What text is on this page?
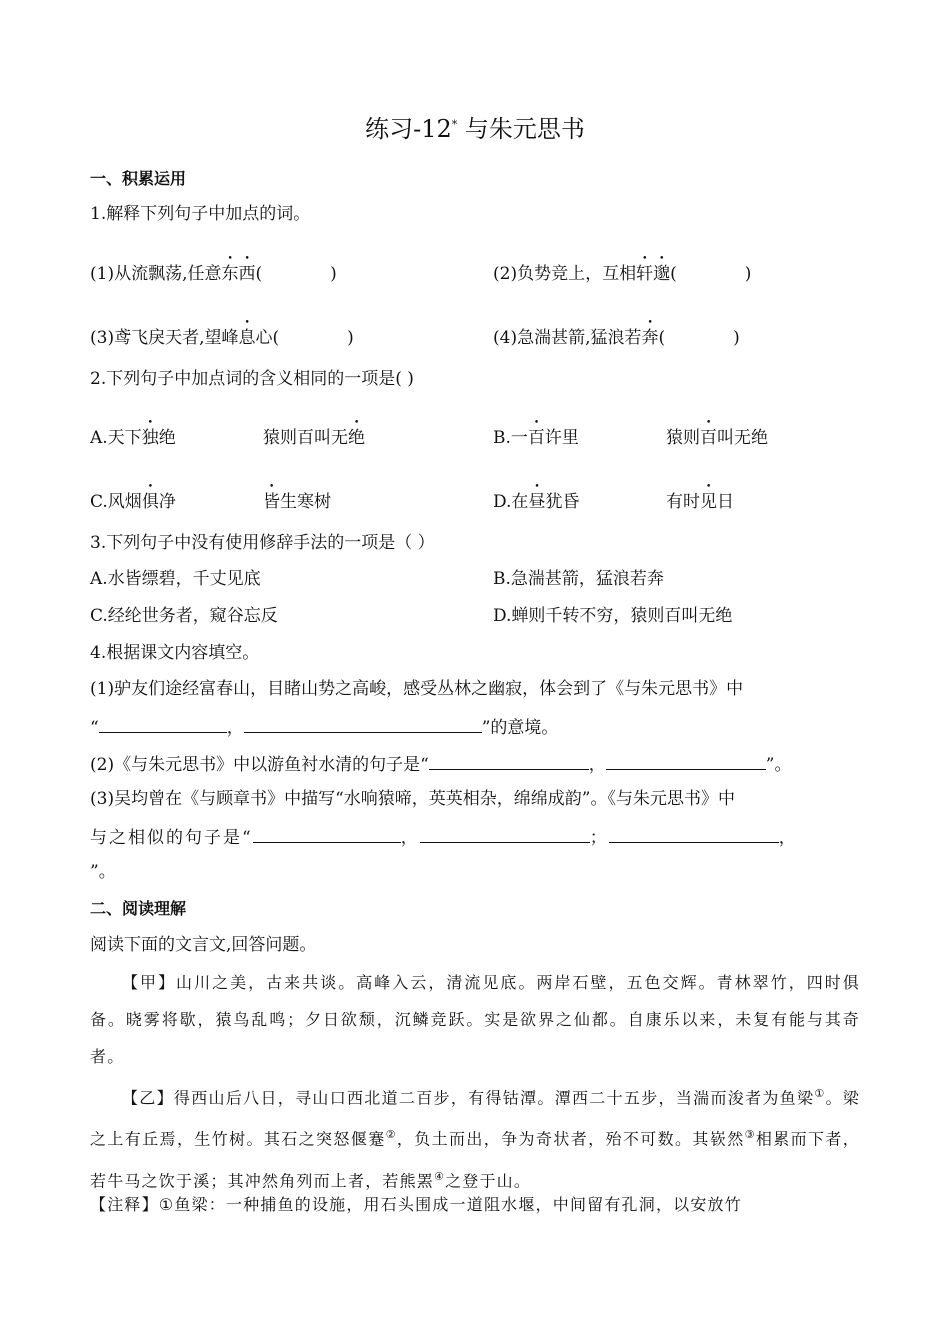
练习-12* 与朱元思书
一、积累运用
1.解释下列句子中加点的词。
(1)从流飘荡,任意东西(	)	(2)负势竞上，互相轩邈(	)
(3)鸢飞戾天者,望峰息心(	)	(4)急湍甚箭,猛浪若奔(	)
2.下列句子中加点词的含义相同的一项是( )
A.天下独绝	猿则百叫无绝	B.一百许里	猿则百叫无绝
C.风烟俱净	皆生寒树	D.在昼犹昏	有时见日
3.下列句子中没有使用修辞手法的一项是（ ）
A.水皆缥碧，千丈见底	B.急湍甚箭，猛浪若奔
C.经纶世务者，窥谷忘反	D.蝉则千转不穷，猿则百叫无绝
4.根据课文内容填空。
(1)驴友们途经富春山，目睹山势之高峻，感受丛林之幽寂，体会到了《与朱元思书》中
“	，	”的意境。
(2)《与朱元思书》中以游鱼衬水清的句子是“	，	”。
(3)吴均曾在《与顾章书》中描写“水响猿啼，英英相杂，绵绵成韵”。《与朱元思书》中
与之相似的句子是“	，	；	，
”。
二、阅读理解
阅读下面的文言文,回答问题。
【甲】山川之美，古来共谈。高峰入云，清流见底。两岸石壁，五色交辉。青林翠竹，四时俱备。晓雾将歇，猿鸟乱鸣；夕日欲颓，沉鳞竞跃。实是欲界之仙都。自康乐以来，未复有能与其奇者。
【乙】得西山后八日，寻山口西北道二百步，有得钴潭。潭西二十五步，当湍而浚者为鱼梁①。梁之上有丘焉，生竹树。其石之突怒偃蹇②，负土而出，争为奇状者，殆不可数。其嵚然③相累而下者，若牛马之饮于溪；其冲然角列而上者，若熊罴④之登于山。
【注释】①鱼梁：一种捕鱼的设施，用石头围成一道阻水堰，中间留有孔洞，以安放竹
